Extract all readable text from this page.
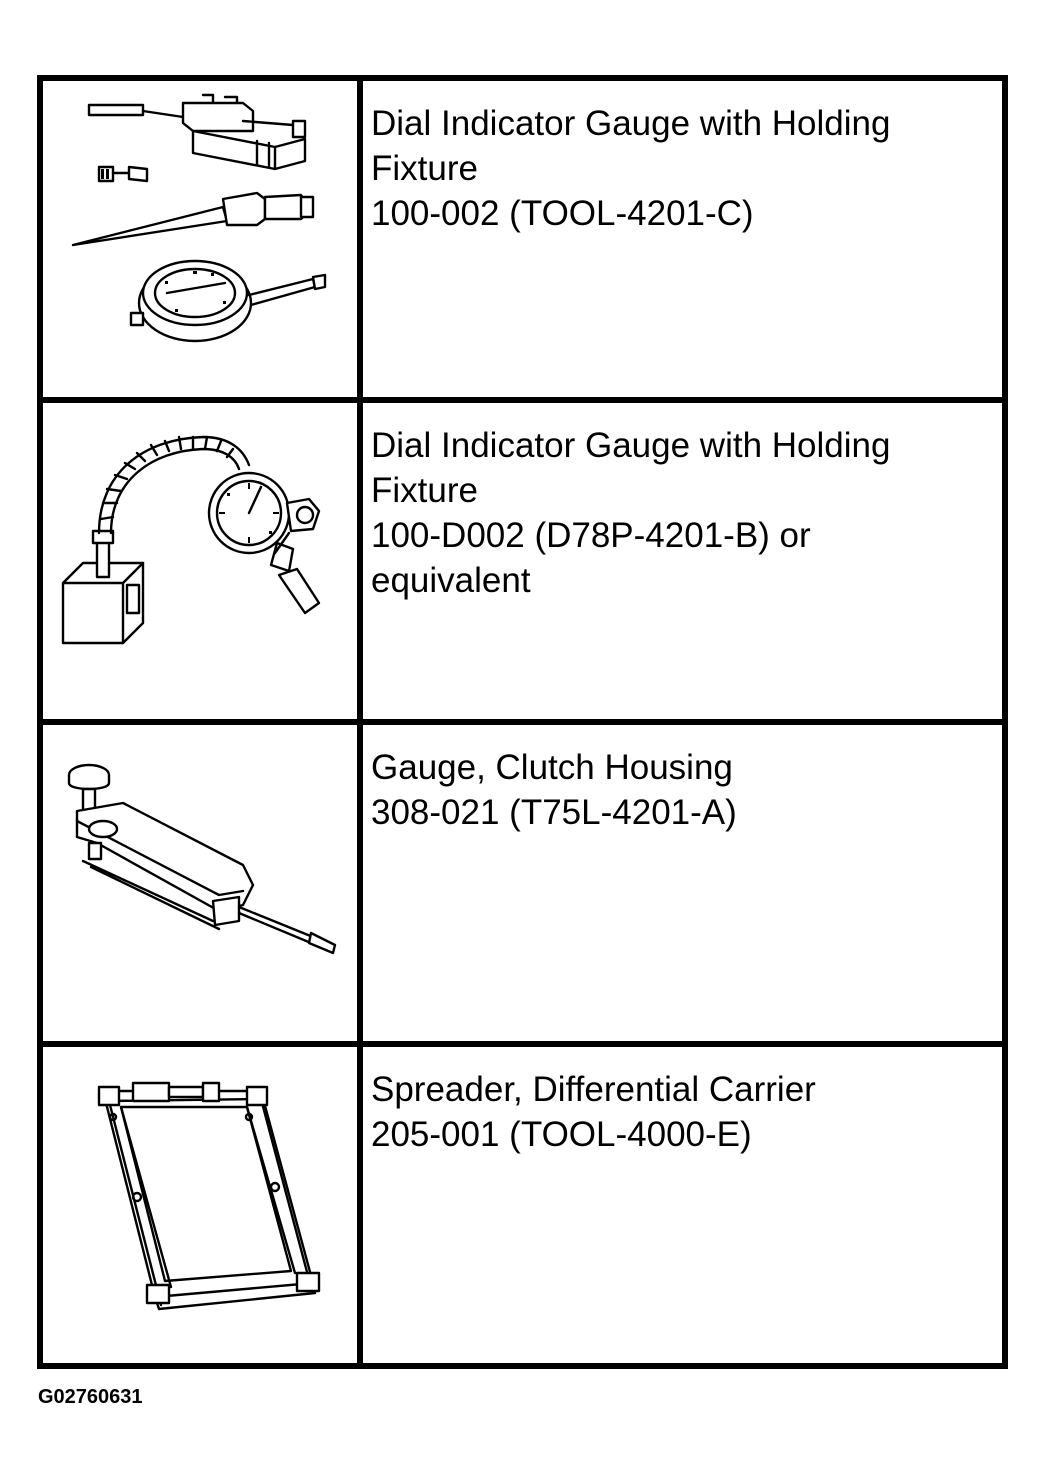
Dial Indicator Gauge with Holding
Fixture
100-002 (TOOL-4201-C)

Dial Indicator Gauge with Holding
Fixture
100-D002 (D78P-4201-B) or
equivalent

Gauge, Clutch Housing
308-021 (T75L-4201-A)

Spreader, Differential Carrier
205-001 (TOOL-4000-E)
G02760631
